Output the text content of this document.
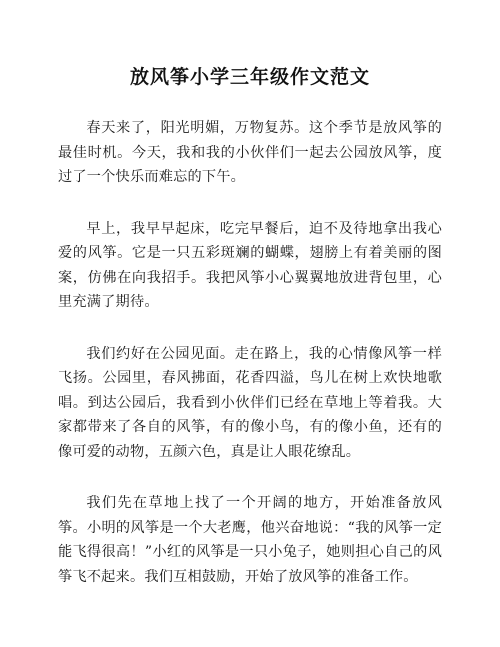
放风筝小学三年级作文范文

春天来了，阳光明媚，万物复苏。这个季节是放风筝的最佳时机。今天，我和我的小伙伴们一起去公园放风筝，度过了一个快乐而难忘的下午。

早上，我早早起床，吃完早餐后，迫不及待地拿出我心爱的风筝。它是一只五彩斑斓的蝴蝶，翅膀上有着美丽的图案，仿佛在向我招手。我把风筝小心翼翼地放进背包里，心里充满了期待。

我们约好在公园见面。走在路上，我的心情像风筝一样飞扬。公园里，春风拂面，花香四溢，鸟儿在树上欢快地歌唱。到达公园后，我看到小伙伴们已经在草地上等着我。大家都带来了各自的风筝，有的像小鸟，有的像小鱼，还有的像可爱的动物，五颜六色，真是让人眼花缭乱。

我们先在草地上找了一个开阔的地方，开始准备放风筝。小明的风筝是一个大老鹰，他兴奋地说：“我的风筝一定能飞得很高！”小红的风筝是一只小兔子，她则担心自己的风筝飞不起来。我们互相鼓励，开始了放风筝的准备工作。
